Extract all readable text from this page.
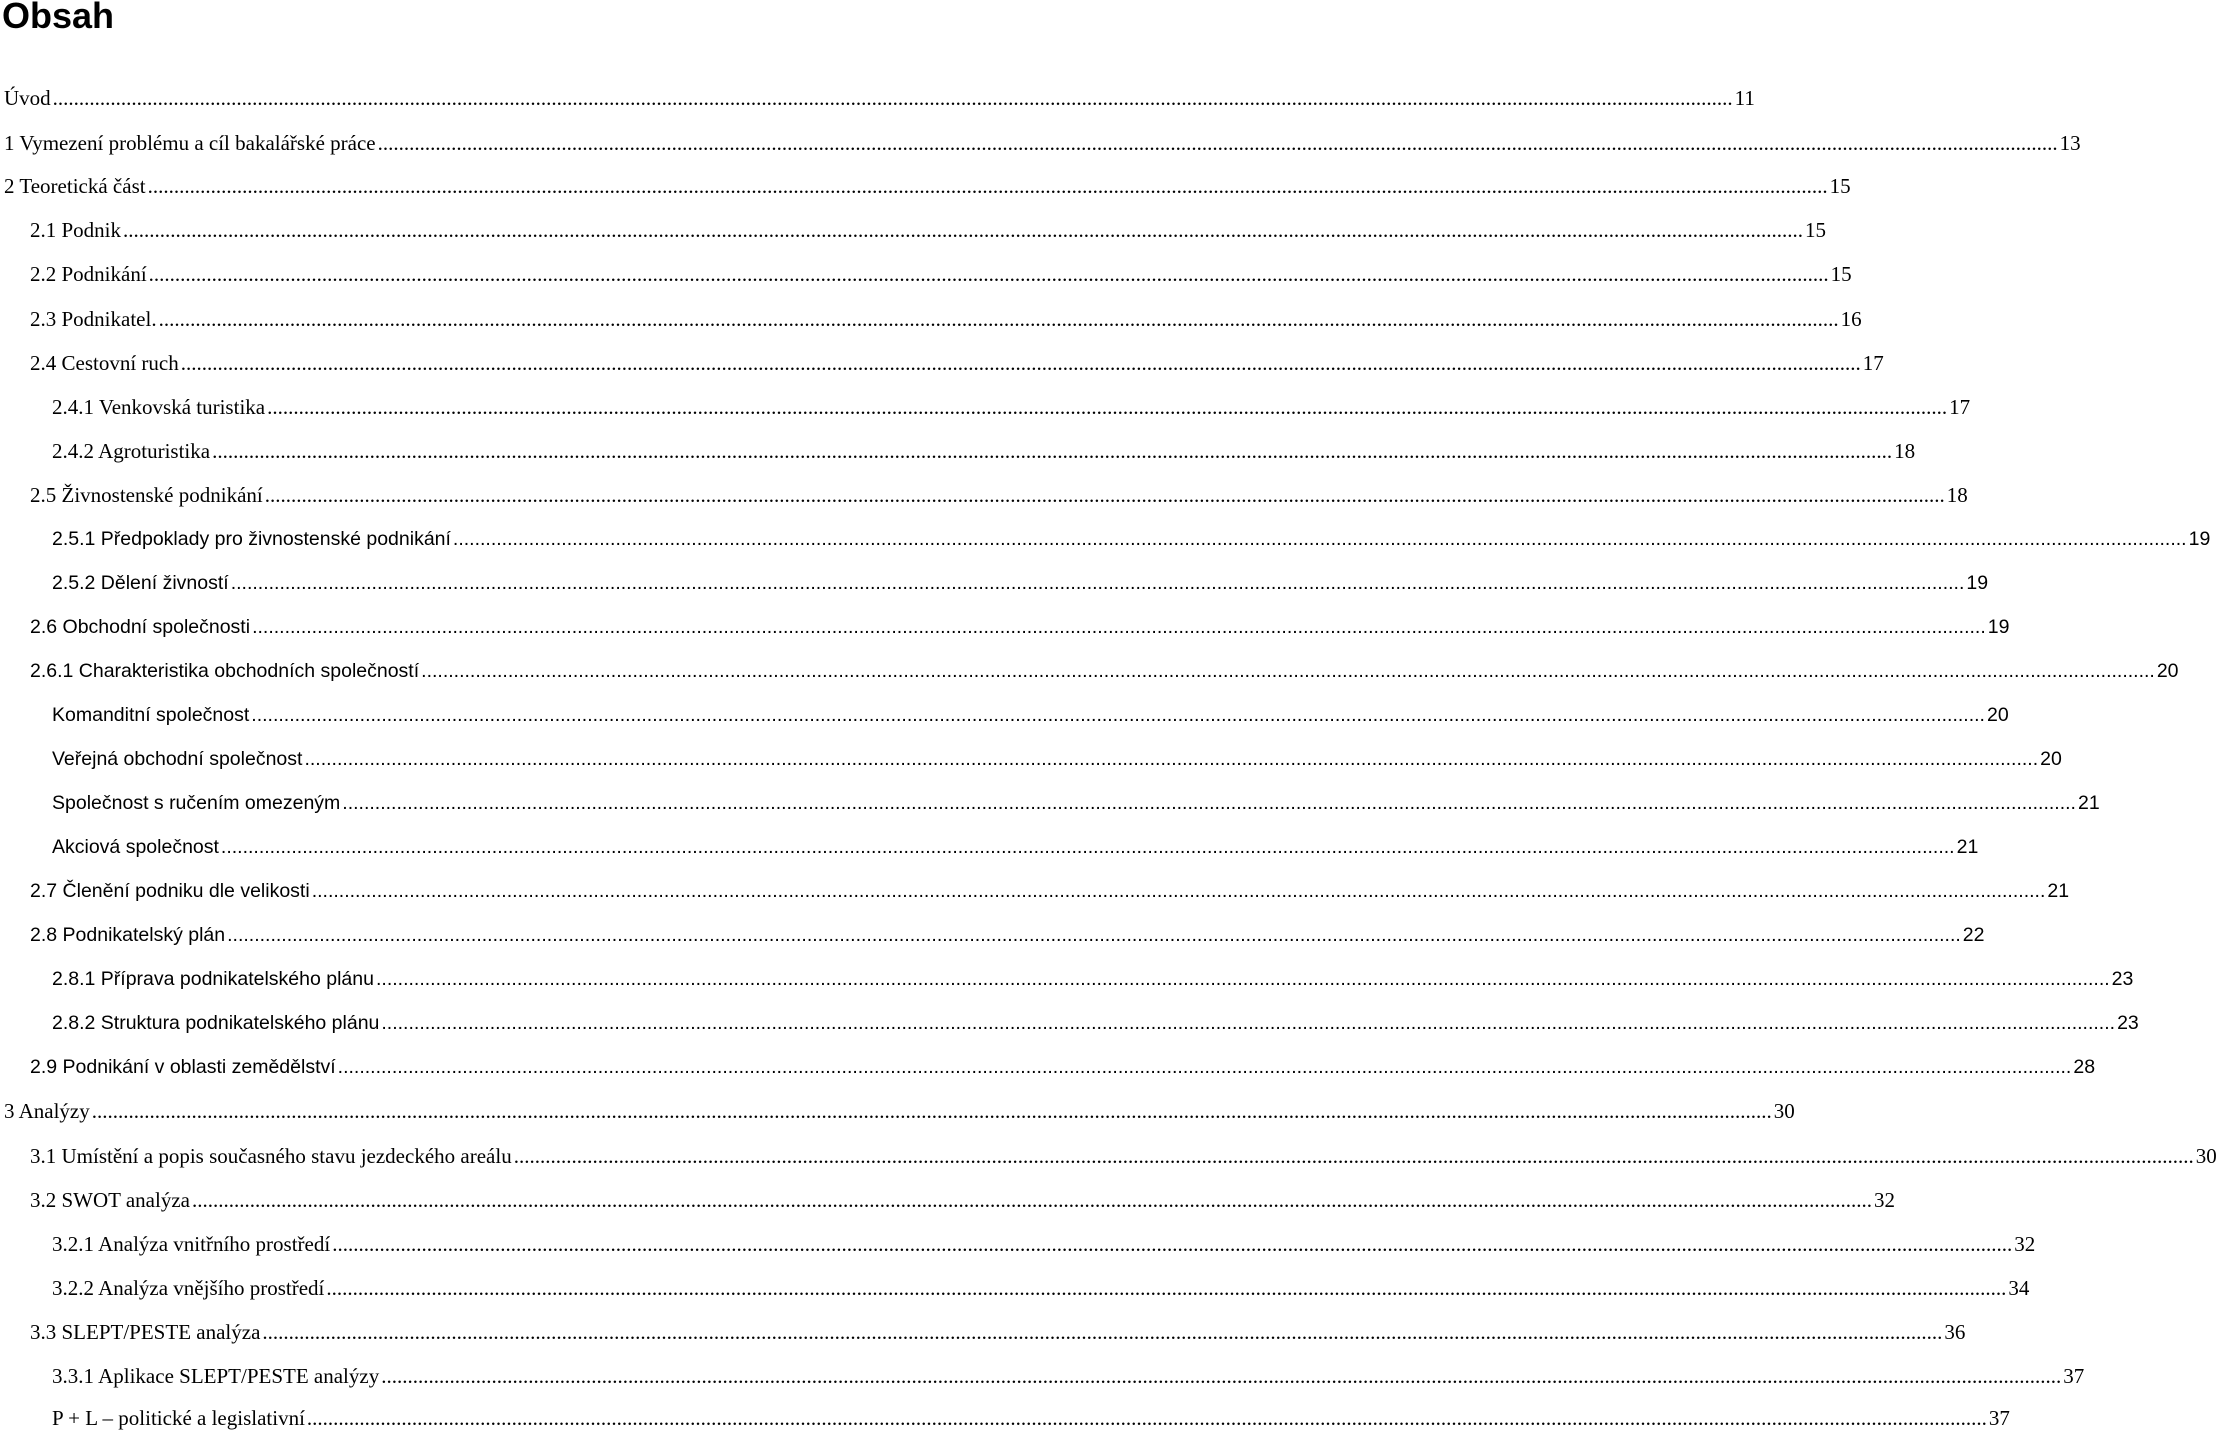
Obsah
Úvod .....	11
1 Vymezení problému a cíl bakalářské práce .....	13
2 Teoretická část .....	15
2.1 Podnik .....	15
2.2 Podnikání .....	15
2.3 Podnikatel. .....	16
2.4 Cestovní ruch .....	17
2.4.1 Venkovská turistika .....	17
2.4.2 Agroturistika .....	18
2.5 Živnostenské podnikání .....	18
2.5.1 Předpoklady pro živnostenské podnikání .....	19
2.5.2 Dělení živností .....	19
2.6 Obchodní společnosti .....	19
2.6.1 Charakteristika obchodních společností .....	20
Komanditní společnost .....	20
Veřejná obchodní společnost .....	20
Společnost s ručením omezeným .....	21
Akciová společnost .....	21
2.7 Členění podniku dle velikosti .....	21
2.8 Podnikatelský plán .....	22
2.8.1 Příprava podnikatelského plánu .....	23
2.8.2 Struktura podnikatelského plánu .....	23
2.9 Podnikání v oblasti zemědělství .....	28
3 Analýzy .....	30
3.1 Umístění a popis současného stavu jezdeckého areálu .....	30
3.2 SWOT analýza .....	32
3.2.1 Analýza vnitřního prostředí .....	32
3.2.2 Analýza vnějšího prostředí .....	34
3.3 SLEPT/PESTE analýza .....	36
3.3.1 Aplikace SLEPT/PESTE analýzy .....	37
P + L – politické a legislativní .....	37
